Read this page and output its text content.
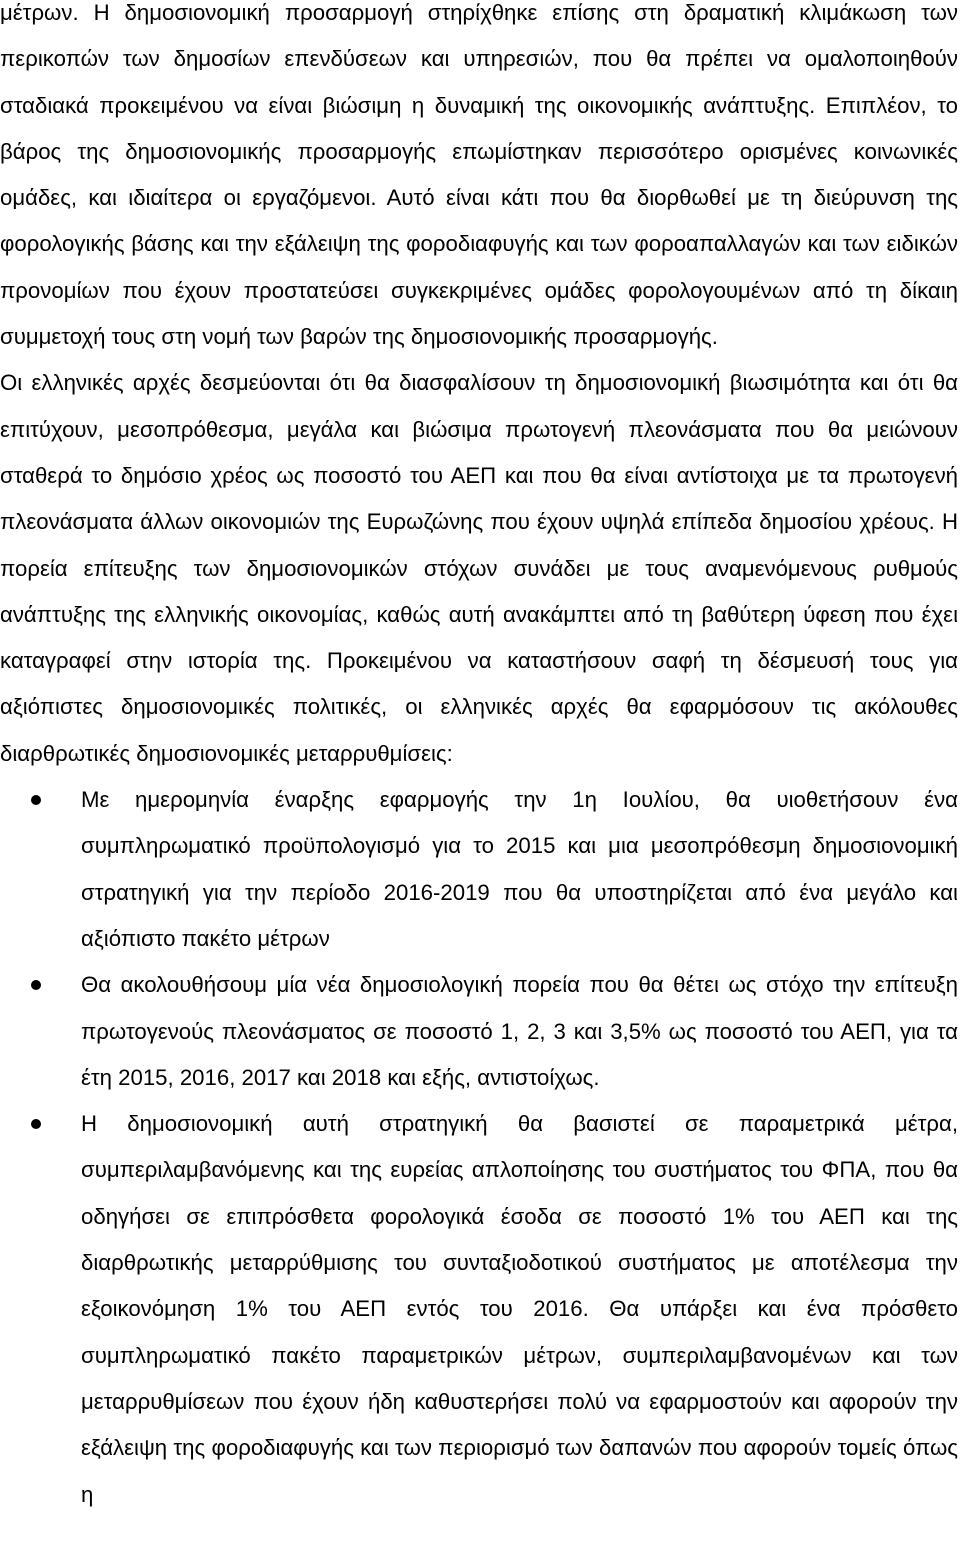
μέτρων. Η δημοσιονομική προσαρμογή στηρίχθηκε επίσης στη δραματική κλιμάκωση των περικοπών των δημοσίων επενδύσεων και υπηρεσιών, που θα πρέπει να ομαλοποιηθούν σταδιακά προκειμένου να είναι βιώσιμη η δυναμική της οικονομικής ανάπτυξης. Επιπλέον, το βάρος της δημοσιονομικής προσαρμογής επωμίστηκαν περισσότερο ορισμένες κοινωνικές ομάδες, και ιδιαίτερα οι εργαζόμενοι. Αυτό είναι κάτι που θα διορθωθεί με τη διεύρυνση της φορολογικής βάσης και την εξάλειψη της φοροδιαφυγής και των φοροαπαλλαγών και των ειδικών προνομίων που έχουν προστατεύσει συγκεκριμένες ομάδες φορολογουμένων από τη δίκαιη συμμετοχή τους στη νομή των βαρών της δημοσιονομικής προσαρμογής.

Οι ελληνικές αρχές δεσμεύονται ότι θα διασφαλίσουν τη δημοσιονομική βιωσιμότητα και ότι θα επιτύχουν, μεσοπρόθεσμα, μεγάλα και βιώσιμα πρωτογενή πλεονάσματα που θα μειώνουν σταθερά το δημόσιο χρέος ως ποσοστό του ΑΕΠ και που θα είναι αντίστοιχα με τα πρωτογενή πλεονάσματα άλλων οικονομιών της Ευρωζώνης που έχουν υψηλά επίπεδα δημοσίου χρέους. Η πορεία επίτευξης των δημοσιονομικών στόχων συνάδει με τους αναμενόμενους ρυθμούς ανάπτυξης της ελληνικής οικονομίας, καθώς αυτή ανακάμπτει από τη βαθύτερη ύφεση που έχει καταγραφεί στην ιστορία της. Προκειμένου να καταστήσουν σαφή τη δέσμευσή τους για αξιόπιστες δημοσιονομικές πολιτικές, οι ελληνικές αρχές θα εφαρμόσουν τις ακόλουθες διαρθρωτικές δημοσιονομικές μεταρρυθμίσεις:

Με ημερομηνία έναρξης εφαρμογής την 1η Ιουλίου, θα υιοθετήσουν ένα συμπληρωματικό προϋπολογισμό για το 2015 και μια μεσοπρόθεσμη δημοσιονομική στρατηγική για την περίοδο 2016-2019 που θα υποστηρίζεται από ένα μεγάλο και αξιόπιστο πακέτο μέτρων
Θα ακολουθήσουμ μία νέα δημοσιολογική πορεία που θα θέτει ως στόχο την επίτευξη πρωτογενούς πλεονάσματος σε ποσοστό 1, 2, 3 και 3,5% ως ποσοστό του ΑΕΠ, για τα έτη 2015, 2016, 2017 και 2018 και εξής, αντιστοίχως.
Η δημοσιονομική αυτή στρατηγική θα βασιστεί σε παραμετρικά μέτρα, συμπεριλαμβανόμενης και της ευρείας απλοποίησης του συστήματος του ΦΠΑ, που θα οδηγήσει σε επιπρόσθετα φορολογικά έσοδα σε ποσοστό 1% του ΑΕΠ και της διαρθρωτικής μεταρρύθμισης του συνταξιοδοτικού συστήματος με αποτέλεσμα την εξοικονόμηση 1% του ΑΕΠ εντός του 2016. Θα υπάρξει και ένα πρόσθετο συμπληρωματικό πακέτο παραμετρικών μέτρων, συμπεριλαμβανομένων και των μεταρρυθμίσεων που έχουν ήδη καθυστερήσει πολύ να εφαρμοστούν και αφορούν την εξάλειψη της φοροδιαφυγής και των περιορισμό των δαπανών που αφορούν τομείς όπως η
